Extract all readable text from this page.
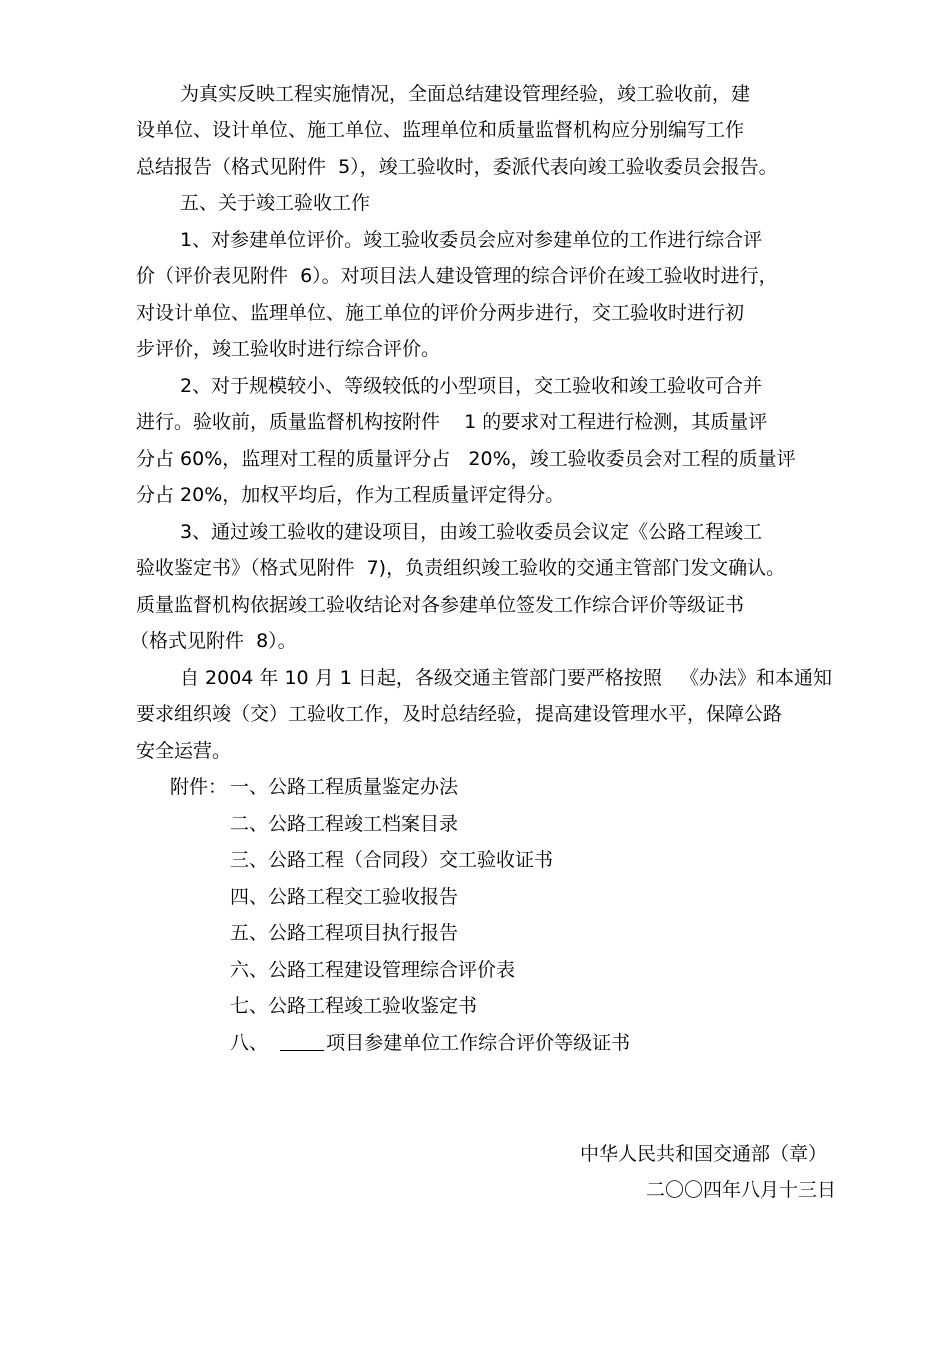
为真实反映工程实施情况，全面总结建设管理经验，竣工验收前，建
设单位、设计单位、施工单位、监理单位和质量监督机构应分别编写工作
总结报告（格式见附件  5），竣工验收时，委派代表向竣工验收委员会报告。
五、关于竣工验收工作
1、对参建单位评价。竣工验收委员会应对参建单位的工作进行综合评
价（评价表见附件  6）。对项目法人建设管理的综合评价在竣工验收时进行，
对设计单位、监理单位、施工单位的评价分两步进行，交工验收时进行初
步评价，竣工验收时进行综合评价。
2、对于规模较小、等级较低的小型项目，交工验收和竣工验收可合并
进行。验收前，质量监督机构按附件    1 的要求对工程进行检测，其质量评
分占 60%，监理对工程的质量评分占   20%，竣工验收委员会对工程的质量评
分占 20%，加权平均后，作为工程质量评定得分。
3、通过竣工验收的建设项目，由竣工验收委员会议定《公路工程竣工
验收鉴定书》（格式见附件  7)，负责组织竣工验收的交通主管部门发文确认。
质量监督机构依据竣工验收结论对各参建单位签发工作综合评价等级证书
（格式见附件  8）。
自 2004 年 10 月 1 日起，各级交通主管部门要严格按照   《办法》和本通知
要求组织竣（交）工验收工作，及时总结经验，提高建设管理水平，保障公路
安全运营。
附件： 一、公路工程质量鉴定办法
二、公路工程竣工档案目录
三、公路工程（合同段）交工验收证书
四、公路工程交工验收报告
五、公路工程项目执行报告
六、公路工程建设管理综合评价表
七、公路工程竣工验收鉴定书
八、	项目参建单位工作综合评价等级证书
中华人民共和国交通部（章）
二〇〇四年八月十三日
